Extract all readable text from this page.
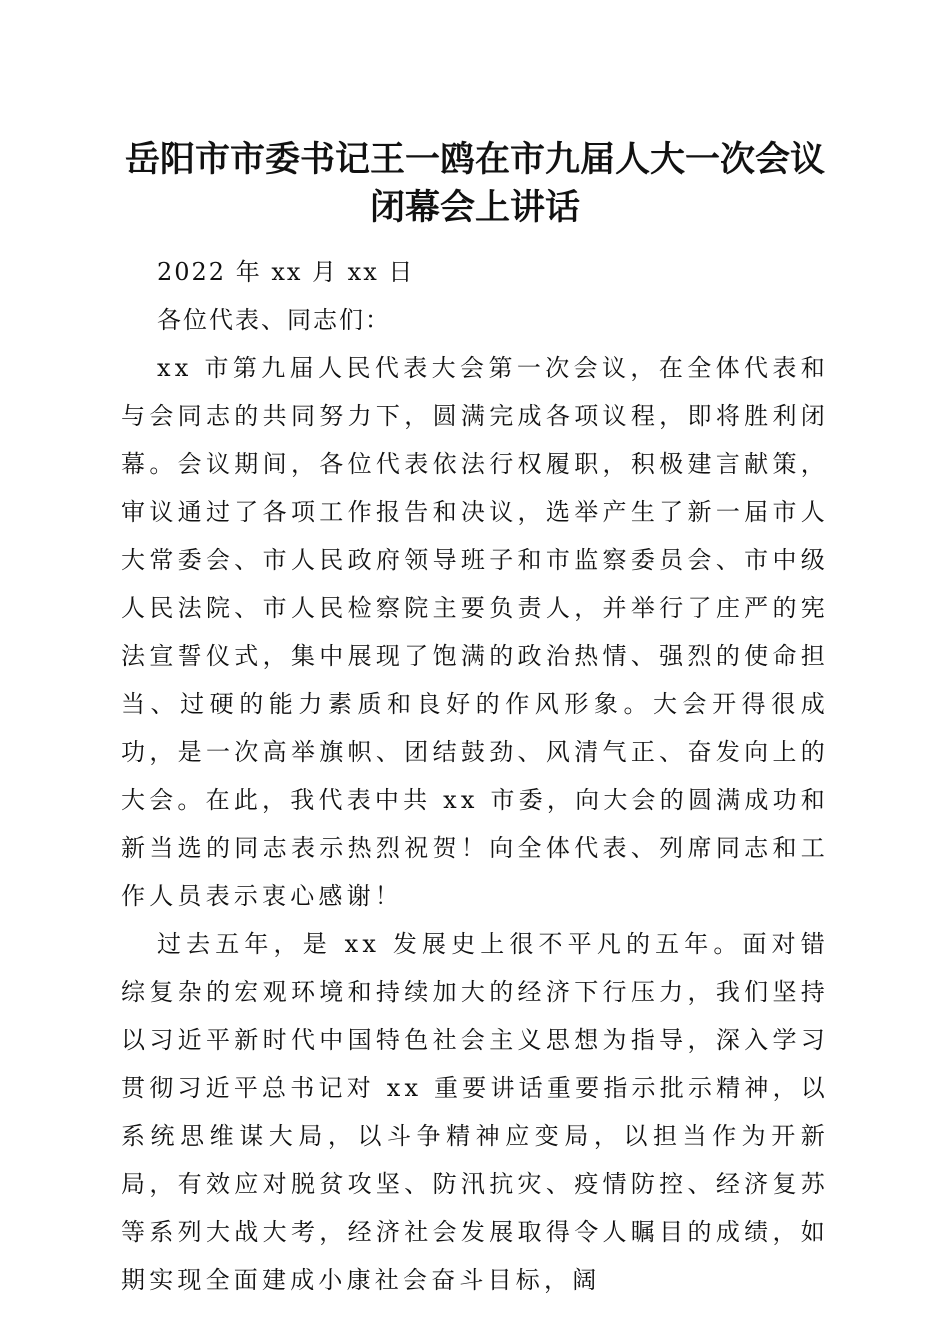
岳阳市市委书记王一鸥在市九届人大一次会议
闭幕会上讲话

2022 年 xx 月 xx 日

各位代表、同志们：

xx 市第九届人民代表大会第一次会议，在全体代表和与会同志的共同努力下，圆满完成各项议程，即将胜利闭幕。会议期间，各位代表依法行权履职，积极建言献策，审议通过了各项工作报告和决议，选举产生了新一届市人大常委会、市人民政府领导班子和市监察委员会、市中级人民法院、市人民检察院主要负责人，并举行了庄严的宪法宣誓仪式，集中展现了饱满的政治热情、强烈的使命担当、过硬的能力素质和良好的作风形象。大会开得很成功，是一次高举旗帜、团结鼓劲、风清气正、奋发向上的大会。在此，我代表中共 xx 市委，向大会的圆满成功和新当选的同志表示热烈祝贺！向全体代表、列席同志和工作人员表示衷心感谢！

过去五年，是 xx 发展史上很不平凡的五年。面对错综复杂的宏观环境和持续加大的经济下行压力，我们坚持以习近平新时代中国特色社会主义思想为指导，深入学习贯彻习近平总书记对 xx 重要讲话重要指示批示精神，以系统思维谋大局，以斗争精神应变局，以担当作为开新局，有效应对脱贫攻坚、防汛抗灾、疫情防控、经济复苏等系列大战大考，经济社会发展取得令人瞩目的成绩，如期实现全面建成小康社会奋斗目标，阔
